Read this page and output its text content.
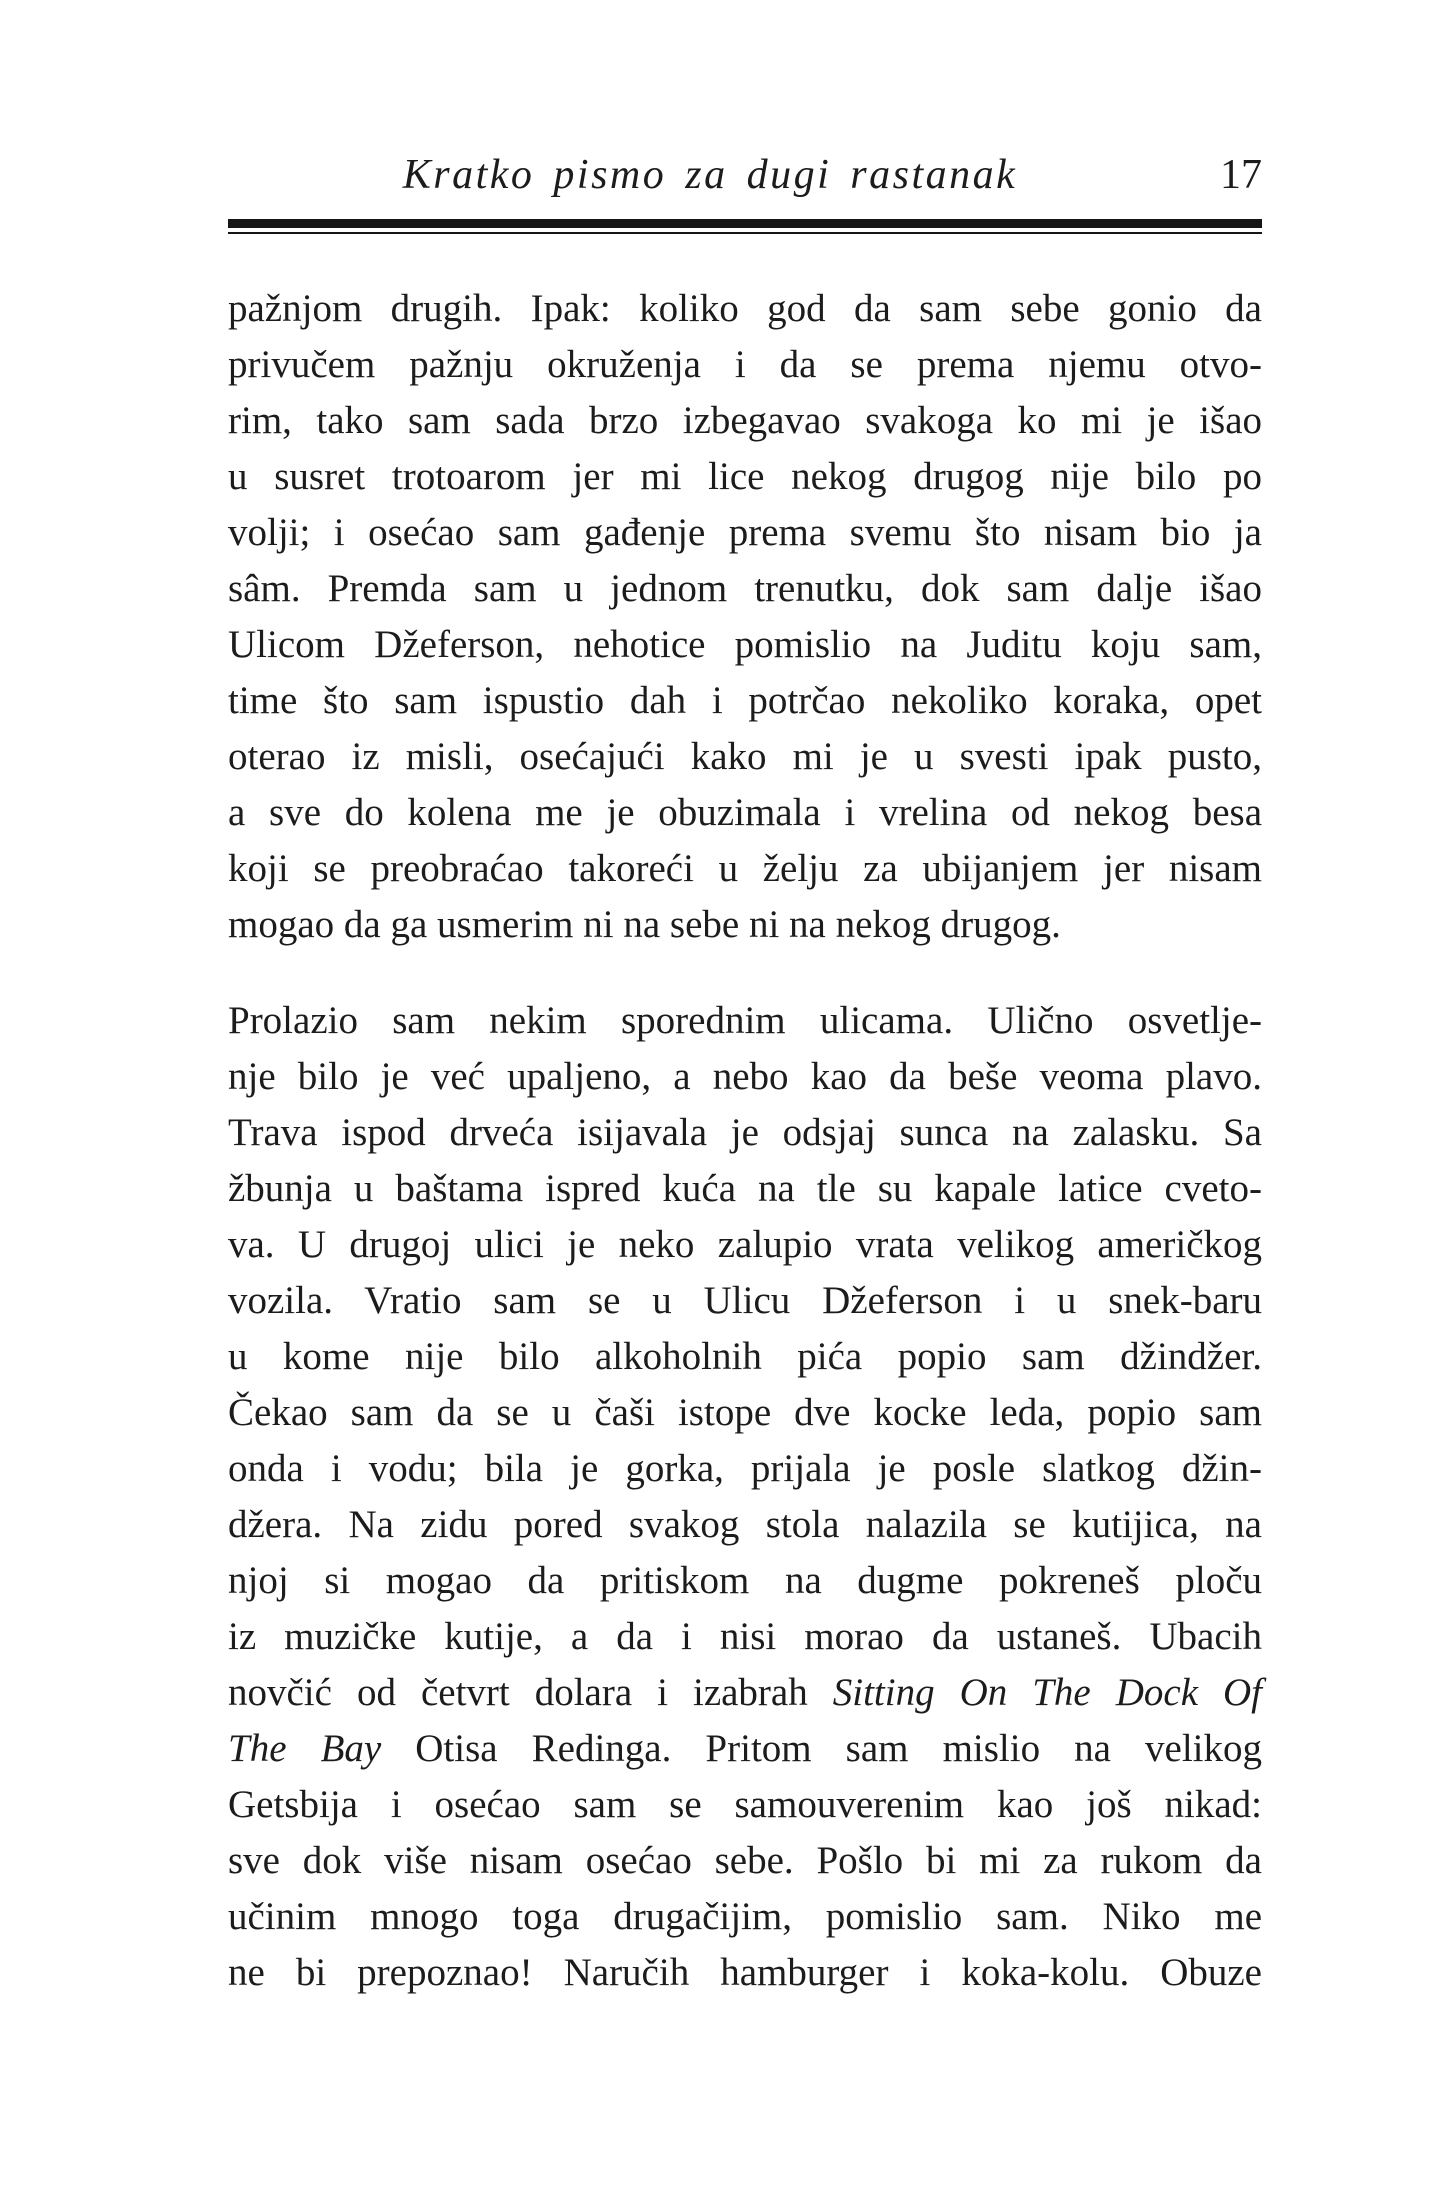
Kratko pismo za dugi rastanak	17
pažnjom drugih. Ipak: koliko god da sam sebe gonio da
privučem pažnju okruženja i da se prema njemu otvo-
rim, tako sam sada brzo izbegavao svakoga ko mi je išao
u susret trotoarom jer mi lice nekog drugog nije bilo po
volji; i osećao sam gađenje prema svemu što nisam bio ja
sâm. Premda sam u jednom trenutku, dok sam dalje išao
Ulicom Džeferson, nehotice pomislio na Juditu koju sam,
time što sam ispustio dah i potrčao nekoliko koraka, opet
oterao iz misli, osećajući kako mi je u svesti ipak pusto,
a sve do kolena me je obuzimala i vrelina od nekog besa
koji se preobraćao takoreći u želju za ubijanjem jer nisam
mogao da ga usmerim ni na sebe ni na nekog drugog.
Prolazio sam nekim sporednim ulicama. Ulično osvetlje-
nje bilo je već upaljeno, a nebo kao da beše veoma plavo.
Trava ispod drveća isijavala je odsjaj sunca na zalasku. Sa
žbunja u baštama ispred kuća na tle su kapale latice cveto-
va. U drugoj ulici je neko zalupio vrata velikog američkog
vozila. Vratio sam se u Ulicu Džeferson i u snek-baru
u kome nije bilo alkoholnih pića popio sam džindžer.
Čekao sam da se u čaši istope dve kocke leda, popio sam
onda i vodu; bila je gorka, prijala je posle slatkog džin-
džera. Na zidu pored svakog stola nalazila se kutijica, na
njoj si mogao da pritiskom na dugme pokreneš ploču
iz muzičke kutije, a da i nisi morao da ustaneš. Ubacih
novčić od četvrt dolara i izabrah Sitting On The Dock Of
The Bay Otisa Redinga. Pritom sam mislio na velikog
Getsbija i osećao sam se samouverenim kao još nikad:
sve dok više nisam osećao sebe. Pošlo bi mi za rukom da
učinim mnogo toga drugačijim, pomislio sam. Niko me
ne bi prepoznao! Naručih hamburger i koka-kolu. Obuze
